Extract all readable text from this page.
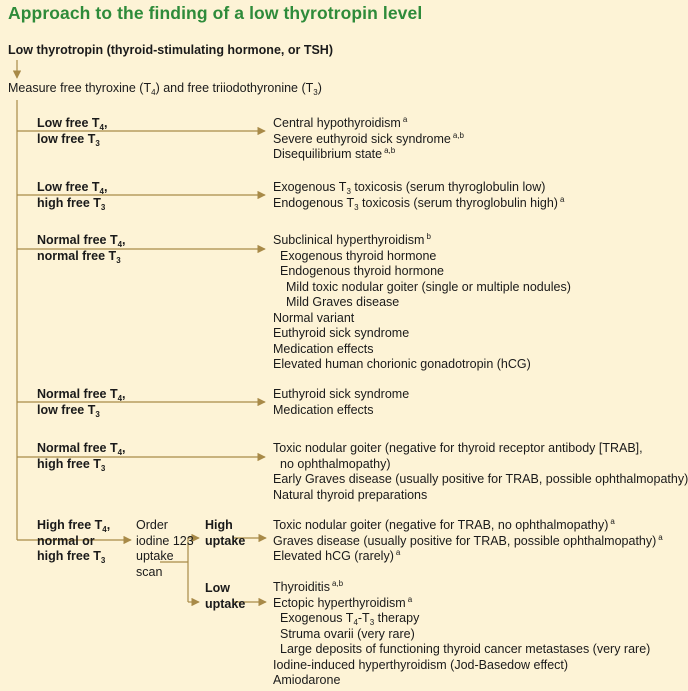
Approach to the finding of a low thyrotropin level
Low thyrotropin (thyroid-stimulating hormone, or TSH)
Measure free thyroxine $(T_4)$ and free triiodothyronine $(T_3)$
Low free $T_4$,
low free $T_3$
Central hypothyroidism $^a$
Severe euthyroid sick syndrome $^{a,b}$
Disequilibrium state $^{a,b}$
Low free $T_4$,
high free $T_3$
Exogenous $T_3$ toxicosis (serum thyroglobulin low)
Endogenous $T_3$ toxicosis (serum thyroglobulin high) $^a$
Normal free $T_4$,
normal free $T_3$
Subclinical hyperthyroidism $^b$
Exogenous thyroid hormone
Endogenous thyroid hormone
Mild toxic nodular goiter (single or multiple nodules)
Mild Graves disease
Normal variant
Euthyroid sick syndrome
Medication effects
Elevated human chorionic gonadotropin (hCG)
Normal free $T_4$,
low free $T_3$
Euthyroid sick syndrome
Medication effects
Normal free $T_4$,
high free $T_3$
Toxic nodular goiter (negative for thyroid receptor antibody [TRAB],
no ophthalmopathy)
Early Graves disease (usually positive for TRAB, possible ophthalmopathy)
Natural thyroid preparations
High free $T_4$,
normal or
high free $T_3$
Order
iodine 123
uptake
scan
High
uptake
Low
uptake
Toxic nodular goiter (negative for TRAB, no ophthalmopathy) $^a$
Graves disease (usually positive for TRAB, possible ophthalmopathy) $^a$
Elevated hCG (rarely) $^a$
Thyroiditis $^{a,b}$
Ectopic hyperthyroidism $^a$
Exogenous $T_4-T_3$ therapy
Struma ovarii (very rare)
Large deposits of functioning thyroid cancer metastases (very rare)
Iodine-induced hyperthyroidism (Jod-Basedow effect)
Amiodarone
